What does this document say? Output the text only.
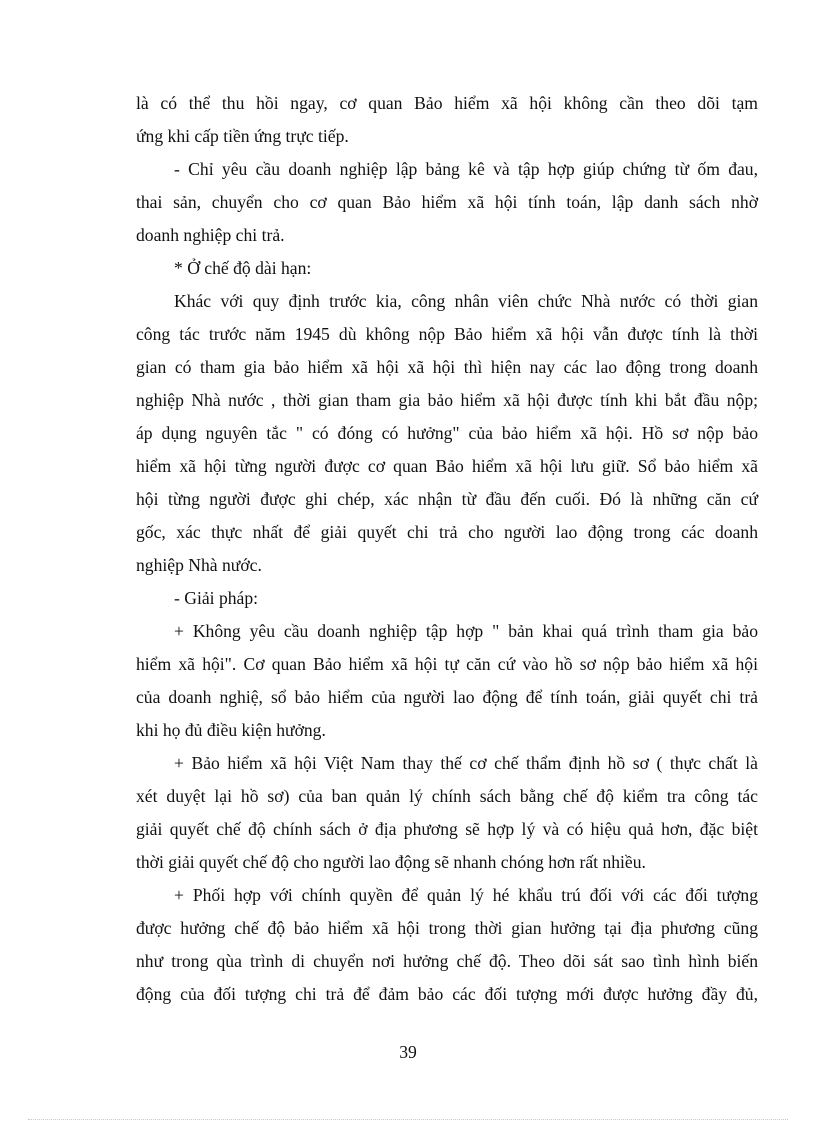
là có thể thu hồi ngay, cơ quan Bảo hiểm xã hội không cần theo dõi tạm
ứng khi cấp tiền ứng trực tiếp.
- Chỉ yêu cầu doanh nghiệp lập bảng kê và tập hợp giúp chứng từ ốm đau,
thai sản, chuyển cho cơ quan Bảo hiểm xã hội tính toán, lập danh sách nhờ
doanh nghiệp chi trả.
* Ở chế độ dài hạn:
Khác với quy định trước kia, công nhân viên chức Nhà nước có thời gian
công tác trước năm 1945 dù không nộp Bảo hiểm xã hội vẫn được tính là thời
gian có tham gia bảo hiểm xã hội xã hội thì hiện nay các lao động trong doanh
nghiệp Nhà nước , thời gian tham gia bảo hiểm xã hội được tính khi bắt đầu nộp;
áp dụng nguyên tắc " có đóng có hưởng" của bảo hiểm xã hội. Hồ sơ nộp bảo
hiểm xã hội từng người được cơ quan Bảo hiểm xã hội lưu giữ. Sổ bảo hiểm xã
hội từng người được ghi chép, xác nhận từ đầu đến cuối. Đó là những căn cứ
gốc, xác thực nhất để giải quyết chi trả cho người lao động trong các doanh
nghiệp Nhà nước.
- Giải pháp:
+ Không yêu cầu doanh nghiệp tập hợp " bản khai quá trình tham gia bảo
hiểm xã hội". Cơ quan Bảo hiểm xã hội tự căn cứ vào hồ sơ nộp bảo hiểm xã hội
của doanh nghiệ, sổ bảo hiểm của người lao động để tính toán, giải quyết chi trả
khi họ đủ điều kiện hưởng.
+ Bảo hiểm xã hội Việt Nam thay thế cơ chế thẩm định hồ sơ ( thực chất là
xét duyệt lại hồ sơ) của ban quản lý chính sách bằng chế độ kiểm tra công tác
giải quyết chế độ chính sách ở địa phương sẽ hợp lý và có hiệu quả hơn, đặc biệt
thời giải quyết chế độ cho người lao động sẽ nhanh chóng hơn rất nhiều.
+ Phối hợp với chính quyền để quản lý hé khẩu trú đối với các đối tượng
được hưởng chế độ bảo hiểm xã hội trong thời gian hưởng tại địa phương cũng
như trong qùa trình di chuyển nơi hưởng chế độ. Theo dõi sát sao tình hình biến
động của đối tượng chi trả để đảm bảo các đối tượng mới được hưởng đầy đủ,
39
